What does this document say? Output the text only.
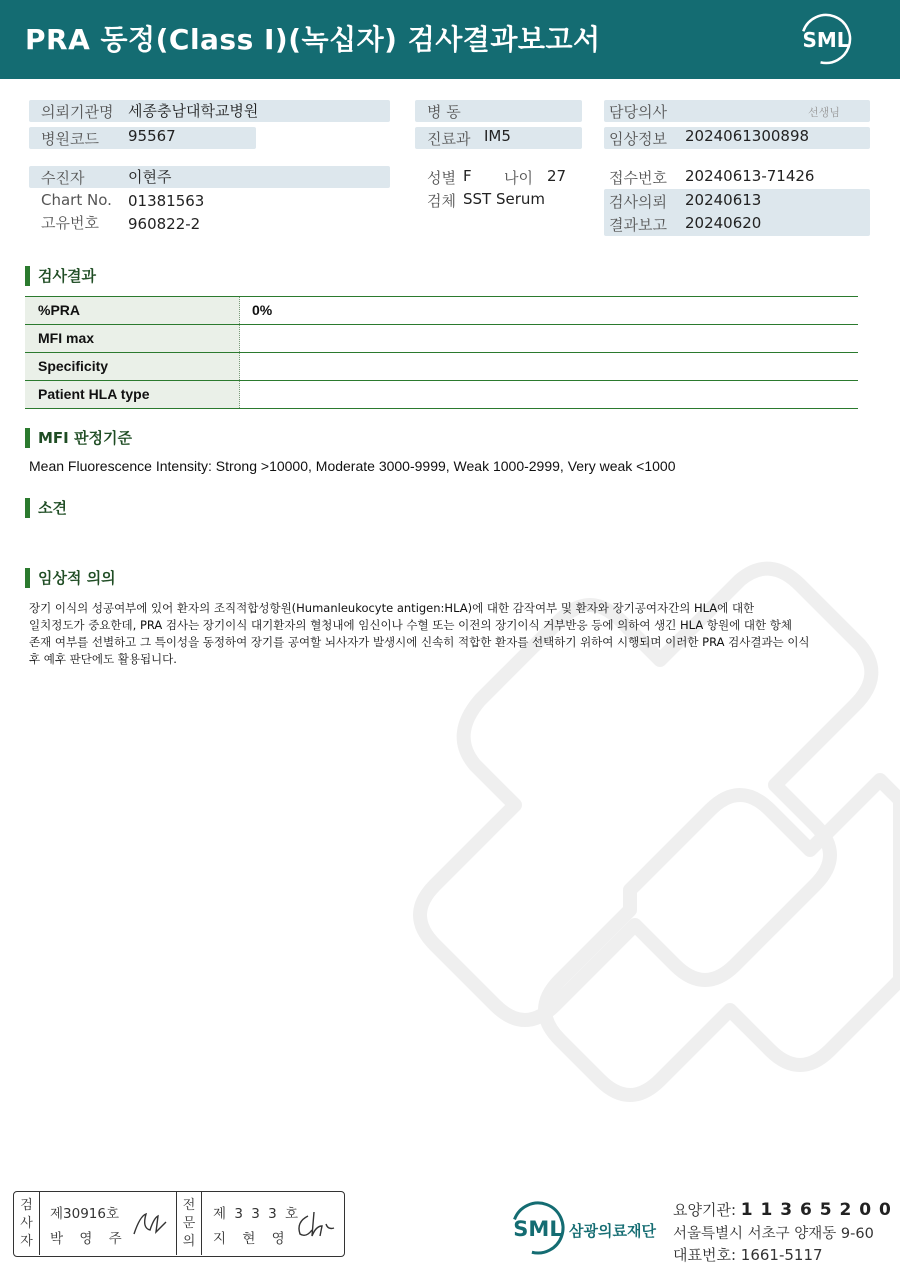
PRA 동정(Class I)(녹십자) 검사결과보고서	SML
의뢰기관명 세종충남대학교병원
병원코드 95567
수진자	이현주
Chart No. 01381563
고유번호 960822-2
병 동
진료과 IM5
성별 F 나이 27
검체 SST Serum
담당의사	선생님
임상정보 2024061300898
접수번호 20240613-71426
검사의뢰 20240613
결과보고 20240620
검사결과
%PRA	0%
MFI max
Specificity
Patient HLA type
MFI 판정기준
Mean Fluorescence Intensity: Strong >10000, Moderate 3000-9999, Weak 1000-2999, Very weak <1000
소견
임상적 의의
장기 이식의 성공여부에 있어 환자의 조직적합성항원(Humanleukocyte antigen:HLA)에 대한 감작여부 및 환자와 장기공여자간의 HLA에 대한
일치정도가 중요한데, PRA 검사는 장기이식 대기환자의 혈청내에 임신이나 수혈 또는 이전의 장기이식 거부반응 등에 의하여 생긴 HLA 항원에 대한 항체
존재 여부를 선별하고 그 특이성을 동정하여 장기를 공여할 뇌사자가 발생시에 신속히 적합한 환자를 선택하기 위하여 시행되며 이러한 PRA 검사결과는 이식
후 예후 판단에도 활용됩니다.
검사자
제30916호
박 영 주
전문의
제 3 3 3 호
지 현 영	SML 삼광의료재단
요양기관: 1 1 3 6 5 2 0 0
서울특별시 서초구 양재동 9-60
대표번호: 1661-5117
